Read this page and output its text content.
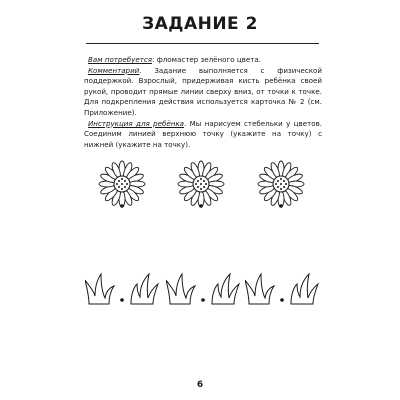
ЗАДАНИЕ 2

Вам потребуется: фломастер зелёного цвета.

Комментарий. Задание выполняется с физической поддержкой. Взрослый, придерживая кисть ребёнка своей рукой, проводит прямые линии сверху вниз, от точки к точке. Для подкрепления действия используется карточка № 2 (см. Приложение).

Инструкция для ребёнка. Мы нарисуем стебельки у цветов. Соединим линией верхнюю точку (укажите на точку) с нижней (укажите на точку).

6
